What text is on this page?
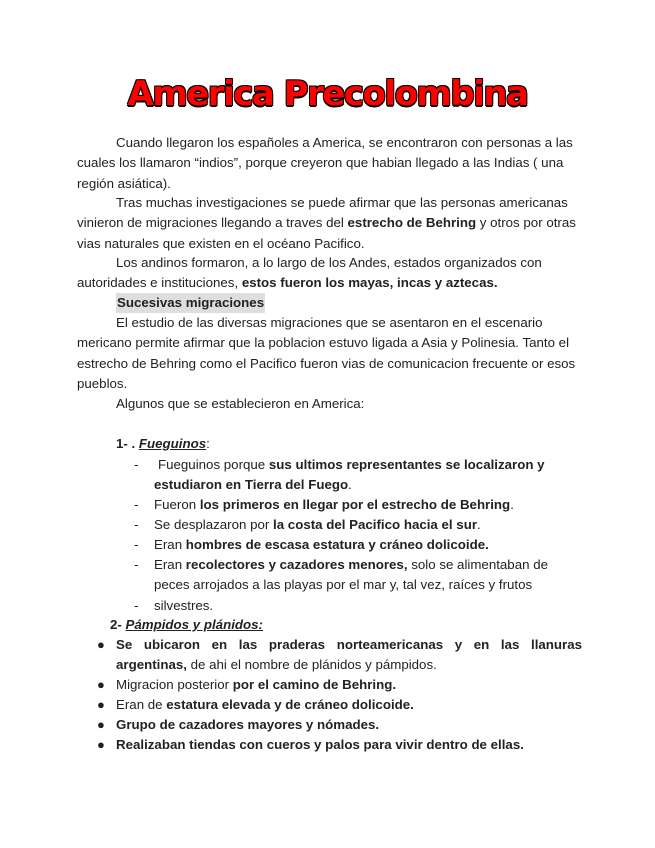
America Precolombina

Cuando llegaron los españoles a America, se encontraron con personas a las cuales los llamaron “indios”, porque creyeron que habian llegado a las Indias ( una región asiática).

Tras muchas investigaciones se puede afirmar que las personas americanas vinieron de migraciones llegando a traves del estrecho de Behring y otros por otras vias naturales que existen en el océano Pacifico.

Los andinos formaron, a lo largo de los Andes, estados organizados con autoridades e instituciones, estos fueron los mayas, incas y aztecas.

Sucesivas migraciones

El estudio de las diversas migraciones que se asentaron en el escenario mericano permite afirmar que la poblacion estuvo ligada a Asia y Polinesia. Tanto el estrecho de Behring como el Pacifico fueron vias de comunicacion frecuente or esos pueblos.

Algunos que se establecieron en America:

1- . Fueguinos:
-	Fueguinos porque sus ultimos representantes se localizaron y estudiaron en Tierra del Fuego.
- Fueron los primeros en llegar por el estrecho de Behring.
- Se desplazaron por la costa del Pacifico hacia el sur.
- Eran hombres de escasa estatura y cráneo dolicoide.
- Eran recolectores y cazadores menores, solo se alimentaban de peces arrojados a las playas por el mar y, tal vez, raíces y frutos silvestres.
-
2- Pámpidos y plánidos:
● Se ubicaron en las praderas norteamericanas y en las llanuras argentinas, de ahi el nombre de plánidos y pámpidos.
● Migracion posterior por el camino de Behring.
● Eran de estatura elevada y de cráneo dolicoide.
● Grupo de cazadores mayores y nómades.
● Realizaban tiendas con cueros y palos para vivir dentro de ellas.
